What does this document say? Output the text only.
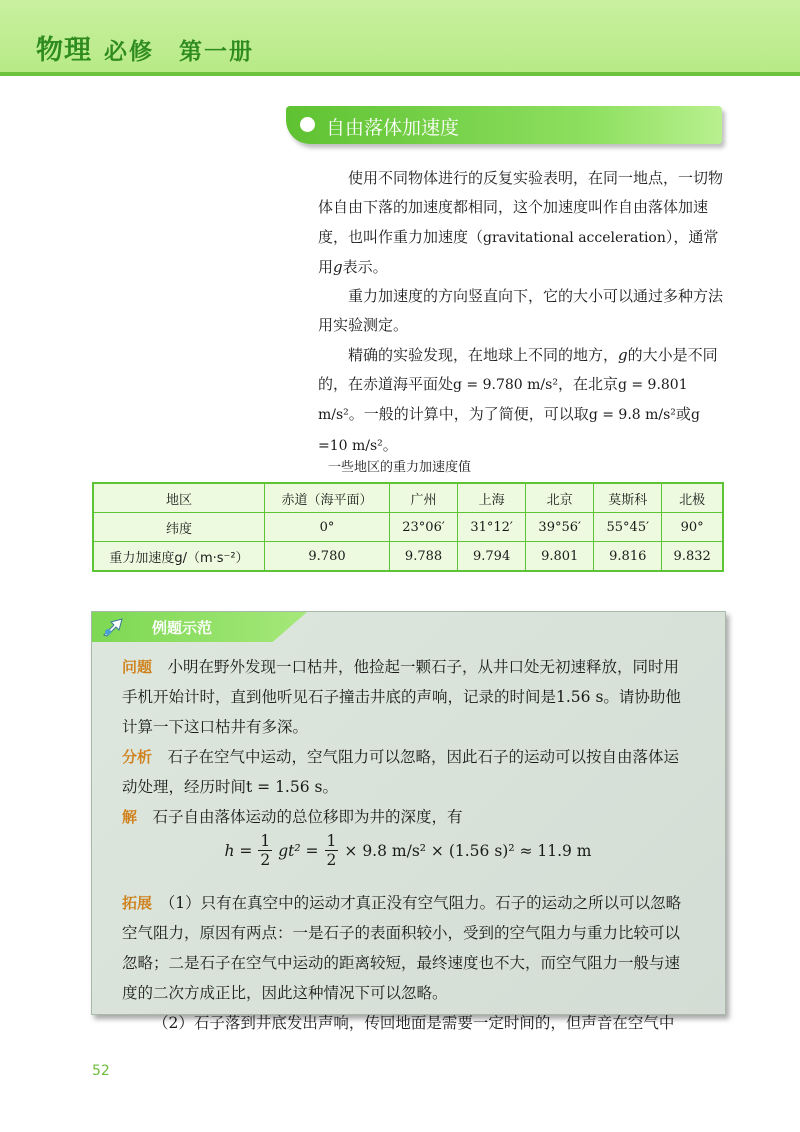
物理 必修　第一册
自由落体加速度

使用不同物体进行的反复实验表明，在同一地点，一切物体自由下落的加速度都相同，这个加速度叫作自由落体加速度，也叫作重力加速度（gravitational acceleration），通常用g表示。

重力加速度的方向竖直向下，它的大小可以通过多种方法用实验测定。

精确的实验发现，在地球上不同的地方，g的大小是不同的，在赤道海平面处g = 9.780 m/s²，在北京g = 9.801 m/s²。一般的计算中，为了简便，可以取g = 9.8 m/s²或g =10 m/s²。

一些地区的重力加速度值
地区	赤道（海平面）	广州	上海	北京	莫斯科	北极
纬度	0°	23°06′	31°12′	39°56′	55°45′	90°
重力加速度g/（m·s⁻²）	9.780	9.788	9.794	9.801	9.816	9.832
例题示范

问题　 小明在野外发现一口枯井，他捡起一颗石子，从井口处无初速释放，同时用手机开始计时，直到他听见石子撞击井底的声响，记录的时间是1.56 s。请协助他计算一下这口枯井有多深。

分析　 石子在空气中运动，空气阻力可以忽略，因此石子的运动可以按自由落体运动处理，经历时间t = 1.56 s。

解　 石子自由落体运动的总位移即为井的深度，有

$h = \frac{1}{2} gt^2 = \frac{1}{2} \times 9.8$ m/s² × (1.56 s)² ≈ 11.9 m

拓展　 （1）只有在真空中的运动才真正没有空气阻力。石子的运动之所以可以忽略空气阻力，原因有两点：一是石子的表面积较小，受到的空气阻力与重力比较可以忽略；二是石子在空气中运动的距离较短，最终速度也不大，而空气阻力一般与速度的二次方成正比，因此这种情况下可以忽略。

（2）石子落到井底发出声响，传回地面是需要一定时间的，但声音在空气中

52
